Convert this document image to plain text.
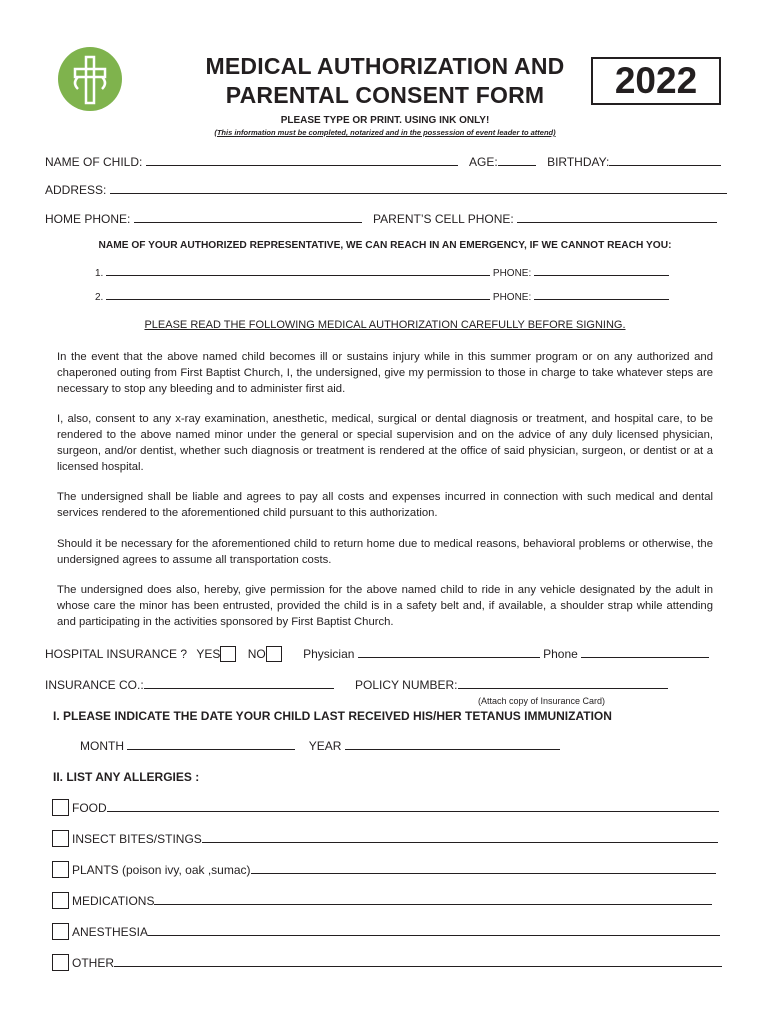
MEDICAL AUTHORIZATION AND
PARENTAL CONSENT FORM	2022
PLEASE TYPE OR PRINT. USING INK ONLY!
(This information must be completed, notarized and in the possession of event leader to attend)
NAME OF CHILD:	AGE:	BIRTHDAY:
ADDRESS:
HOME PHONE:	PARENT’S CELL PHONE:
NAME OF YOUR AUTHORIZED REPRESENTATIVE, WE CAN REACH IN AN EMERGENCY, IF WE CANNOT REACH YOU:
1.	PHONE:
2.	PHONE:
PLEASE READ THE FOLLOWING MEDICAL AUTHORIZATION CAREFULLY BEFORE SIGNING.

In the event that the above named child becomes ill or sustains injury while in this summer program or on any authorized and chaperoned outing from First Baptist Church, I, the undersigned, give my permission to those in charge to take whatever steps are necessary to stop any bleeding and to administer first aid.

I, also, consent to any x-ray examination, anesthetic, medical, surgical or dental diagnosis or treatment, and hospital care, to be rendered to the above named minor under the general or special supervision and on the advice of any duly licensed physician, surgeon, and/or dentist, whether such diagnosis or treatment is rendered at the office of said physician, surgeon, or dentist or at a licensed hospital.

The undersigned shall be liable and agrees to pay all costs and expenses incurred in connection with such medical and dental services rendered to the aforementioned child pursuant to this authorization.

Should it be necessary for the aforementioned child to return home due to medical reasons, behavioral problems or otherwise, the undersigned agrees to assume all transportation costs.

The undersigned does also, hereby, give permission for the above named child to ride in any vehicle designated by the adult in whose care the minor has been entrusted, provided the child is in a safety belt and, if available, a shoulder strap while attending and participating in the activities sponsored by First Baptist Church.

HOSPITAL INSURANCE ? YES NO	Physician	Phone
INSURANCE CO.:	POLICY NUMBER:
(Attach copy of Insurance Card)
I. PLEASE INDICATE THE DATE YOUR CHILD LAST RECEIVED HIS/HER TETANUS IMMUNIZATION
MONTH	YEAR
II. LIST ANY ALLERGIES :
FOOD
INSECT BITES/STINGS
PLANTS (poison ivy, oak ,sumac)
MEDICATIONS
ANESTHESIA
OTHER
